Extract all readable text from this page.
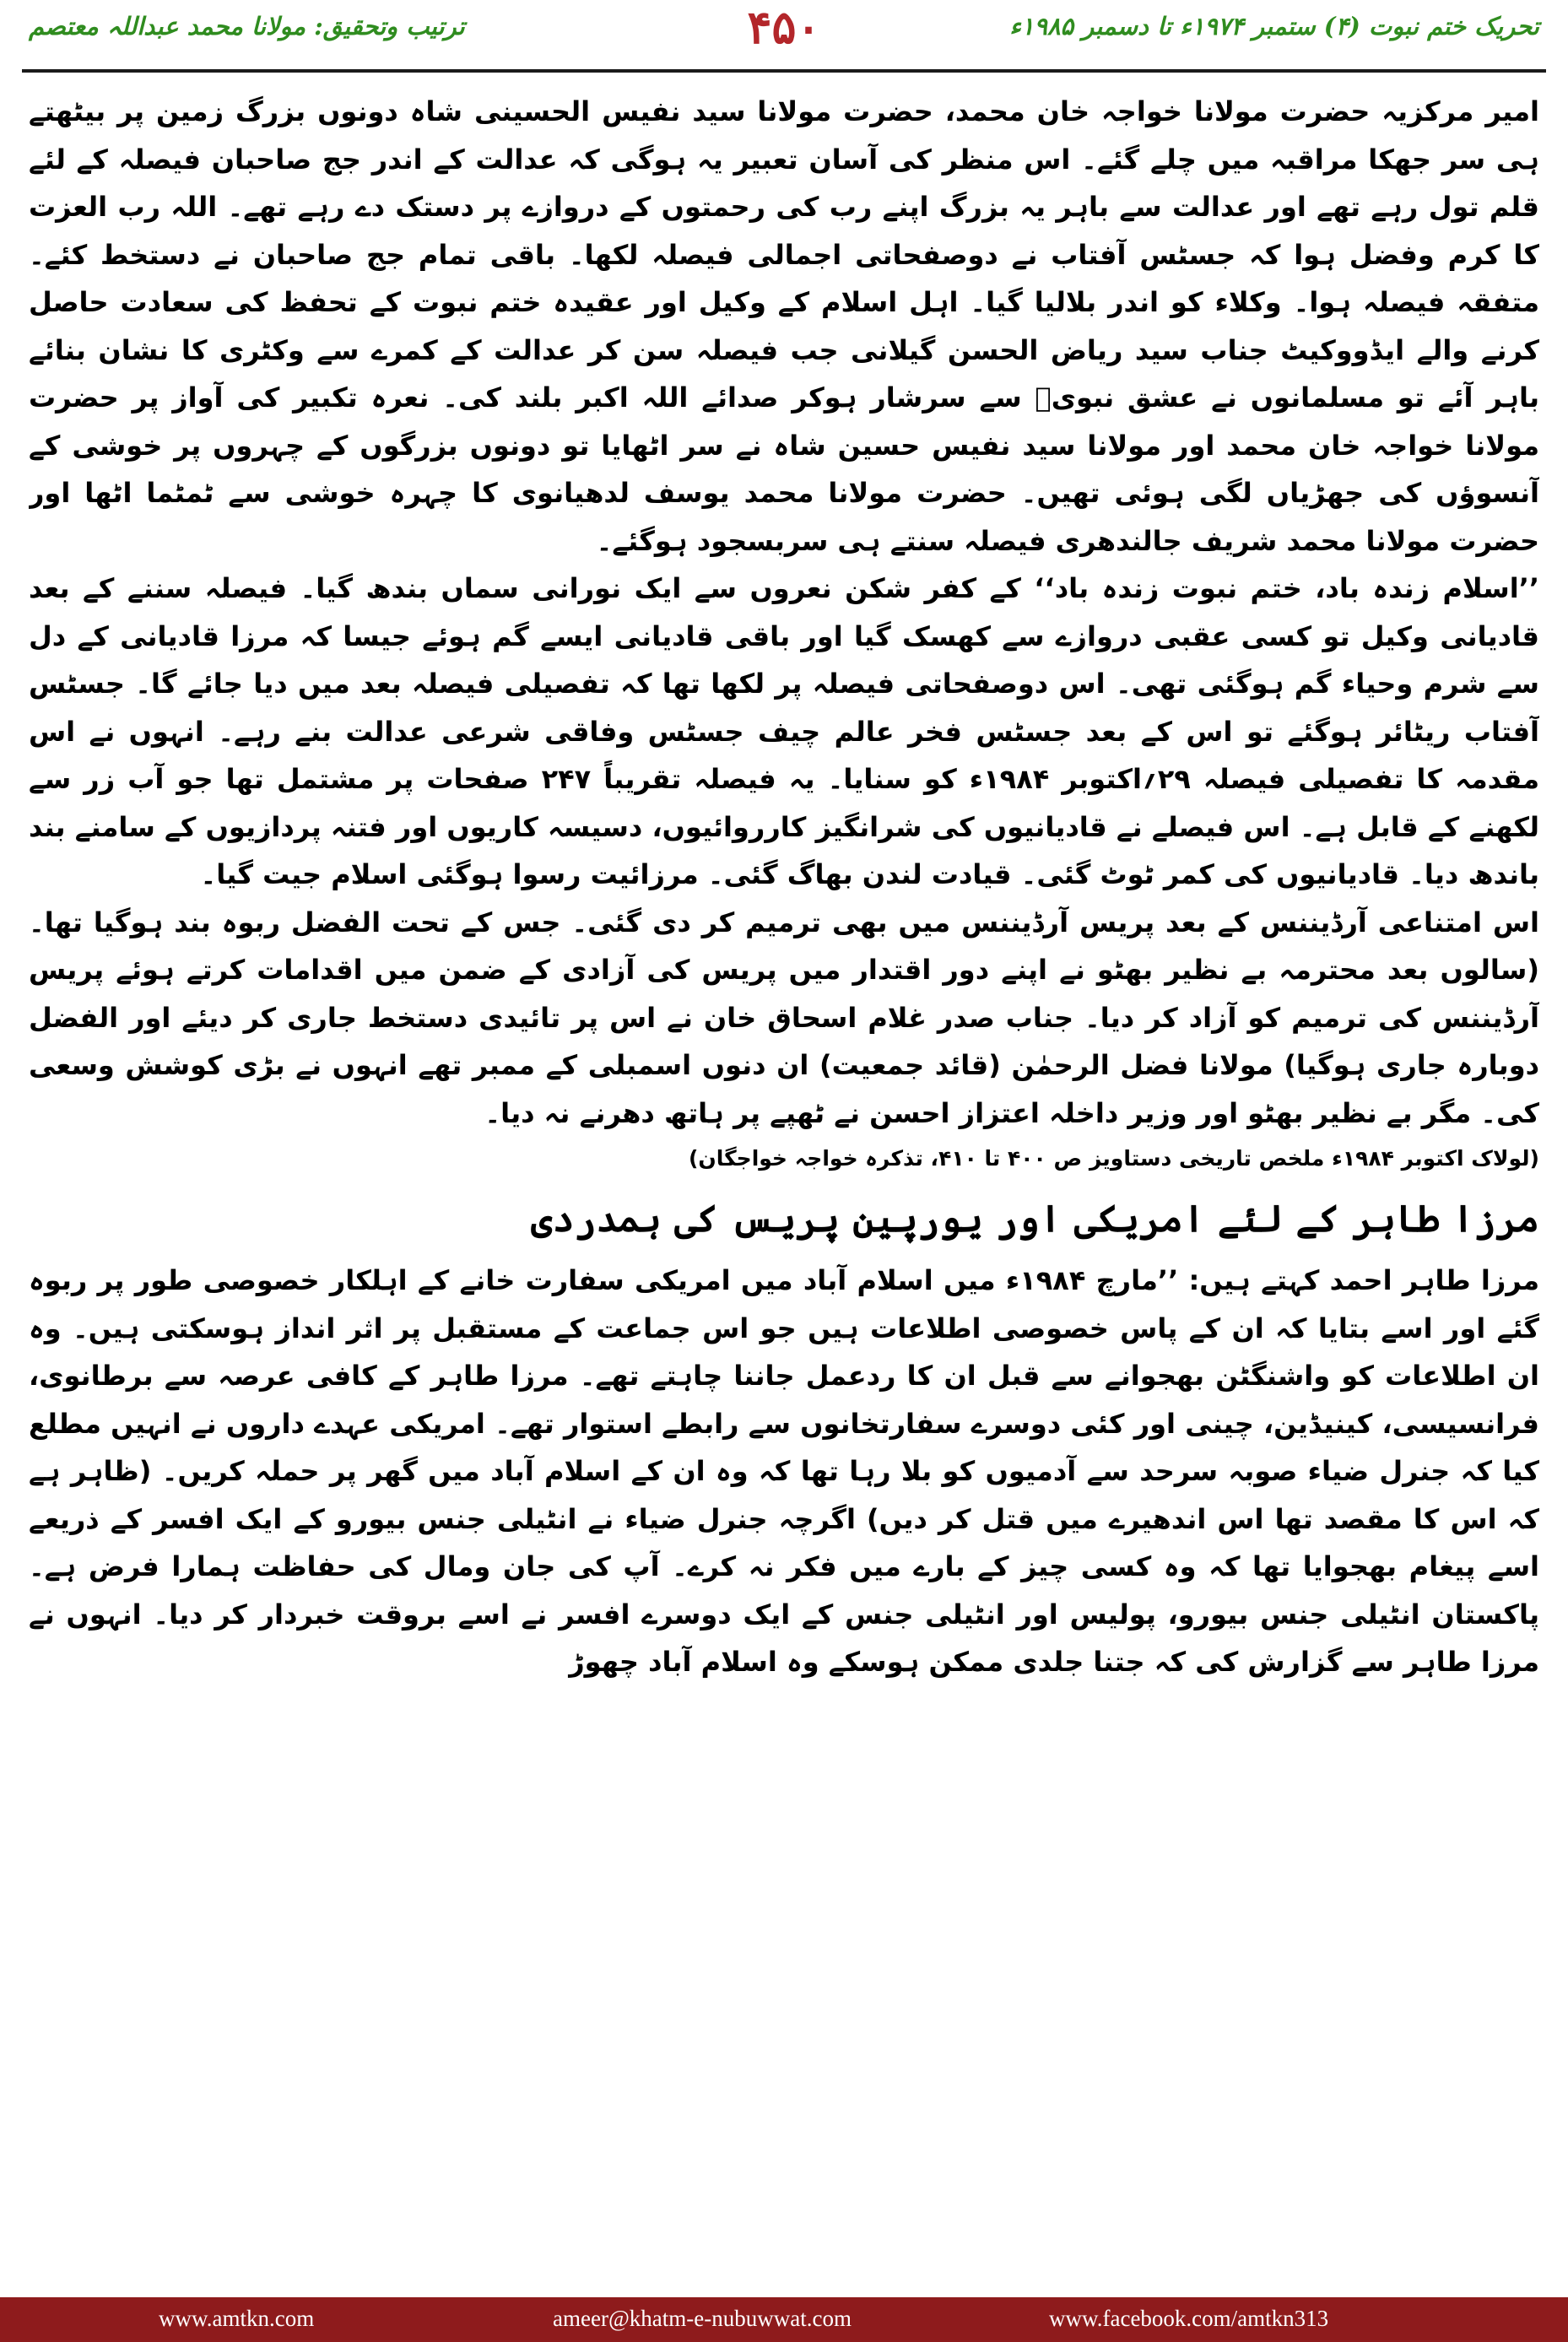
ترتیب وتحقیق: مولانا محمد عبداللہ معتصم	۴۵۰	تحریک ختم نبوت (۴) ستمبر ۱۹۷۴ء تا دسمبر ۱۹۸۵ء

امیر مرکزیہ حضرت مولانا خواجہ خان محمد، حضرت مولانا سید نفیس الحسینی شاہ دونوں بزرگ زمین پر بیٹھتے ہی سر جھکا مراقبہ میں چلے گئے۔ اس منظر کی آسان تعبیر یہ ہوگی کہ عدالت کے اندر جج صاحبان فیصلہ کے لئے قلم تول رہے تھے اور عدالت سے باہر یہ بزرگ اپنے رب کی رحمتوں کے دروازے پر دستک دے رہے تھے۔ اللہ رب العزت کا کرم وفضل ہوا کہ جسٹس آفتاب نے دوصفحاتی اجمالی فیصلہ لکھا۔ باقی تمام جج صاحبان نے دستخط کئے۔ متفقہ فیصلہ ہوا۔ وکلاء کو اندر بلالیا گیا۔ اہل اسلام کے وکیل اور عقیدہ ختم نبوت کے تحفظ کی سعادت حاصل کرنے والے ایڈووکیٹ جناب سید ریاض الحسن گیلانی جب فیصلہ سن کر عدالت کے کمرے سے وکٹری کا نشان بنائے باہر آئے تو مسلمانوں نے عشق نبویؐ سے سرشار ہوکر صدائے اللہ اکبر بلند کی۔ نعرہ تکبیر کی آواز پر حضرت مولانا خواجہ خان محمد اور مولانا سید نفیس حسین شاہ نے سر اٹھایا تو دونوں بزرگوں کے چہروں پر خوشی کے آنسوؤں کی جھڑیاں لگی ہوئی تھیں۔ حضرت مولانا محمد یوسف لدھیانوی کا چہرہ خوشی سے ٹمٹما اٹھا اور حضرت مولانا محمد شریف جالندھری فیصلہ سنتے ہی سربسجود ہوگئے۔

’’اسلام زندہ باد، ختم نبوت زندہ باد‘‘ کے کفر شکن نعروں سے ایک نورانی سماں بندھ گیا۔ فیصلہ سننے کے بعد قادیانی وکیل تو کسی عقبی دروازے سے کھسک گیا اور باقی قادیانی ایسے گم ہوئے جیسا کہ مرزا قادیانی کے دل سے شرم وحیاء گم ہوگئی تھی۔ اس دوصفحاتی فیصلہ پر لکھا تھا کہ تفصیلی فیصلہ بعد میں دیا جائے گا۔ جسٹس آفتاب ریٹائر ہوگئے تو اس کے بعد جسٹس فخر عالم چیف جسٹس وفاقی شرعی عدالت بنے رہے۔ انہوں نے اس مقدمہ کا تفصیلی فیصلہ ۲۹؍اکتوبر ۱۹۸۴ء کو سنایا۔ یہ فیصلہ تقریباً ۲۴۷ صفحات پر مشتمل تھا جو آب زر سے لکھنے کے قابل ہے۔ اس فیصلے نے قادیانیوں کی شرانگیز کارروائیوں، دسیسہ کاریوں اور فتنہ پردازیوں کے سامنے بند باندھ دیا۔ قادیانیوں کی کمر ٹوٹ گئی۔ قیادت لندن بھاگ گئی۔ مرزائیت رسوا ہوگئی اسلام جیت گیا۔

اس امتناعی آرڈیننس کے بعد پریس آرڈیننس میں بھی ترمیم کر دی گئی۔ جس کے تحت الفضل ربوہ بند ہوگیا تھا۔ (سالوں بعد محترمہ بے نظیر بھٹو نے اپنے دور اقتدار میں پریس کی آزادی کے ضمن میں اقدامات کرتے ہوئے پریس آرڈیننس کی ترمیم کو آزاد کر دیا۔ جناب صدر غلام اسحاق خان نے اس پر تائیدی دستخط جاری کر دیئے اور الفضل دوبارہ جاری ہوگیا) مولانا فضل الرحمٰن (قائد جمعیت) ان دنوں اسمبلی کے ممبر تھے انہوں نے بڑی کوشش وسعی کی۔ مگر بے نظیر بھٹو اور وزیر داخلہ اعتزاز احسن نے ٹھپے پر ہاتھ دھرنے نہ دیا۔

(لولاک اکتوبر ۱۹۸۴ء ملخص تاریخی دستاویز ص ۴۰۰ تا ۴۱۰، تذکرہ خواجہ خواجگان)

مرزا طاہر کے لئے امریکی اور یورپین پریس کی ہمدردی

مرزا طاہر احمد کہتے ہیں: ’’مارچ ۱۹۸۴ء میں اسلام آباد میں امریکی سفارت خانے کے اہلکار خصوصی طور پر ربوہ گئے اور اسے بتایا کہ ان کے پاس خصوصی اطلاعات ہیں جو اس جماعت کے مستقبل پر اثر انداز ہوسکتی ہیں۔ وہ ان اطلاعات کو واشنگٹن بھجوانے سے قبل ان کا ردعمل جاننا چاہتے تھے۔ مرزا طاہر کے کافی عرصہ سے برطانوی، فرانسیسی، کینیڈین، چینی اور کئی دوسرے سفارتخانوں سے رابطے استوار تھے۔ امریکی عہدے داروں نے انہیں مطلع کیا کہ جنرل ضیاء صوبہ سرحد سے آدمیوں کو بلا رہا تھا کہ وہ ان کے اسلام آباد میں گھر پر حملہ کریں۔ (ظاہر ہے کہ اس کا مقصد تھا اس اندھیرے میں قتل کر دیں) اگرچہ جنرل ضیاء نے انٹیلی جنس بیورو کے ایک افسر کے ذریعے اسے پیغام بھجوایا تھا کہ وہ کسی چیز کے بارے میں فکر نہ کرے۔ آپ کی جان ومال کی حفاظت ہمارا فرض ہے۔ پاکستان انٹیلی جنس بیورو، پولیس اور انٹیلی جنس کے ایک دوسرے افسر نے اسے بروقت خبردار کر دیا۔ انہوں نے مرزا طاہر سے گزارش کی کہ جتنا جلدی ممکن ہوسکے وہ اسلام آباد چھوڑ

www.amtkn.com	ameer@khatm-e-nubuwwat.com	www.facebook.com/amtkn313
